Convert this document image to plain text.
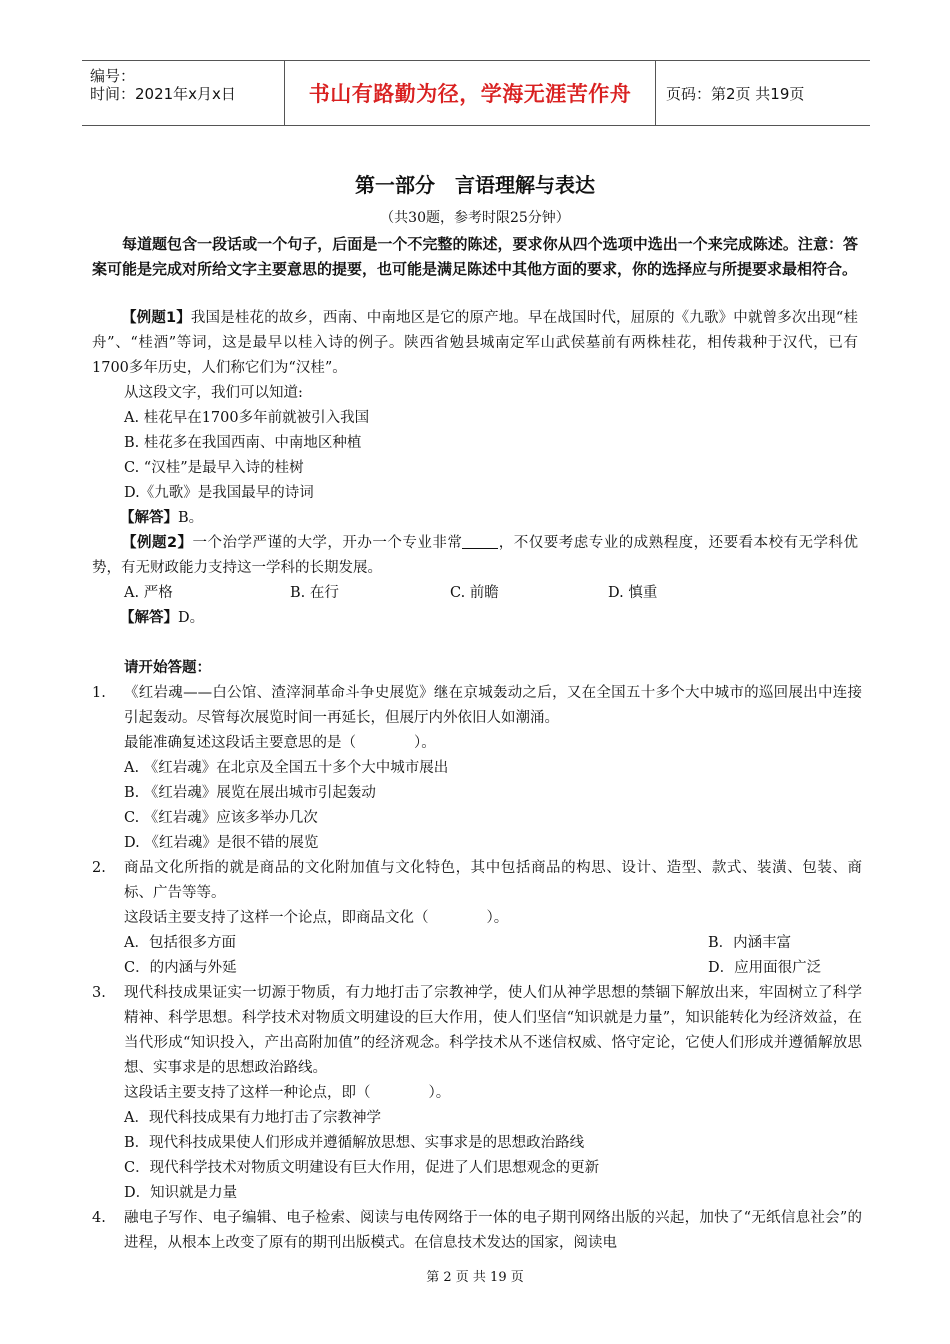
编号：
时间：2021年x月x日	书山有路勤为径，学海无涯苦作舟	页码：第2页 共19页
第一部分　言语理解与表达
（共30题，参考时限25分钟）
每道题包含一段话或一个句子，后面是一个不完整的陈述，要求你从四个选项中选出一个来完成陈述。注意：答案可能是完成对所给文字主要意思的提要，也可能是满足陈述中其他方面的要求，你的选择应与所提要求最相符合。
【例题1】我国是桂花的故乡，西南、中南地区是它的原产地。早在战国时代，屈原的《九歌》中就曾多次出现“桂舟”、“桂酒”等词，这是最早以桂入诗的例子。陕西省勉县城南定军山武侯墓前有两株桂花，相传栽种于汉代，已有1700多年历史，人们称它们为“汉桂”。
从这段文字，我们可以知道:
A. 桂花早在1700多年前就被引入我国
B. 桂花多在我国西南、中南地区种植
C. “汉桂”是最早入诗的桂树
D.《九歌》是我国最早的诗词
【解答】B。
【例题2】一个治学严谨的大学，开办一个专业非常 ，不仅要考虑专业的成熟程度，还要看本校有无学科优势，有无财政能力支持这一学科的长期发展。
A. 严格	B. 在行	C. 前瞻	D. 慎重
【解答】D。
请开始答题：
1.	《红岩魂——白公馆、渣滓洞革命斗争史展览》继在京城轰动之后，又在全国五十多个大中城市的巡回展出中连接引起轰动。尽管每次展览时间一再延长，但展厅内外依旧人如潮涌。
最能准确复述这段话主要意思的是（　　　　）。
A. 《红岩魂》在北京及全国五十多个大中城市展出
B. 《红岩魂》展览在展出城市引起轰动
C. 《红岩魂》应该多举办几次
D. 《红岩魂》是很不错的展览
2.	商品文化所指的就是商品的文化附加值与文化特色，其中包括商品的构思、设计、造型、款式、装潢、包装、商标、广告等等。
这段话主要支持了这样一个论点，即商品文化（　　　　）。
A．包括很多方面	B．内涵丰富
C．的内涵与外延	D．应用面很广泛
3.	现代科技成果证实一切源于物质，有力地打击了宗教神学，使人们从神学思想的禁锢下解放出来，牢固树立了科学精神、科学思想。科学技术对物质文明建设的巨大作用，使人们坚信“知识就是力量”，知识能转化为经济效益，在当代形成“知识投入，产出高附加值”的经济观念。科学技术从不迷信权威、恪守定论，它使人们形成并遵循解放思想、实事求是的思想政治路线。
这段话主要支持了这样一种论点，即（　　　　）。
A．现代科技成果有力地打击了宗教神学
B．现代科技成果使人们形成并遵循解放思想、实事求是的思想政治路线
C．现代科学技术对物质文明建设有巨大作用，促进了人们思想观念的更新
D．知识就是力量
4.	融电子写作、电子编辑、电子检索、阅读与电传网络于一体的电子期刊网络出版的兴起，加快了“无纸信息社会”的进程，从根本上改变了原有的期刊出版模式。在信息技术发达的国家，阅读电
第 2 页 共 19 页
